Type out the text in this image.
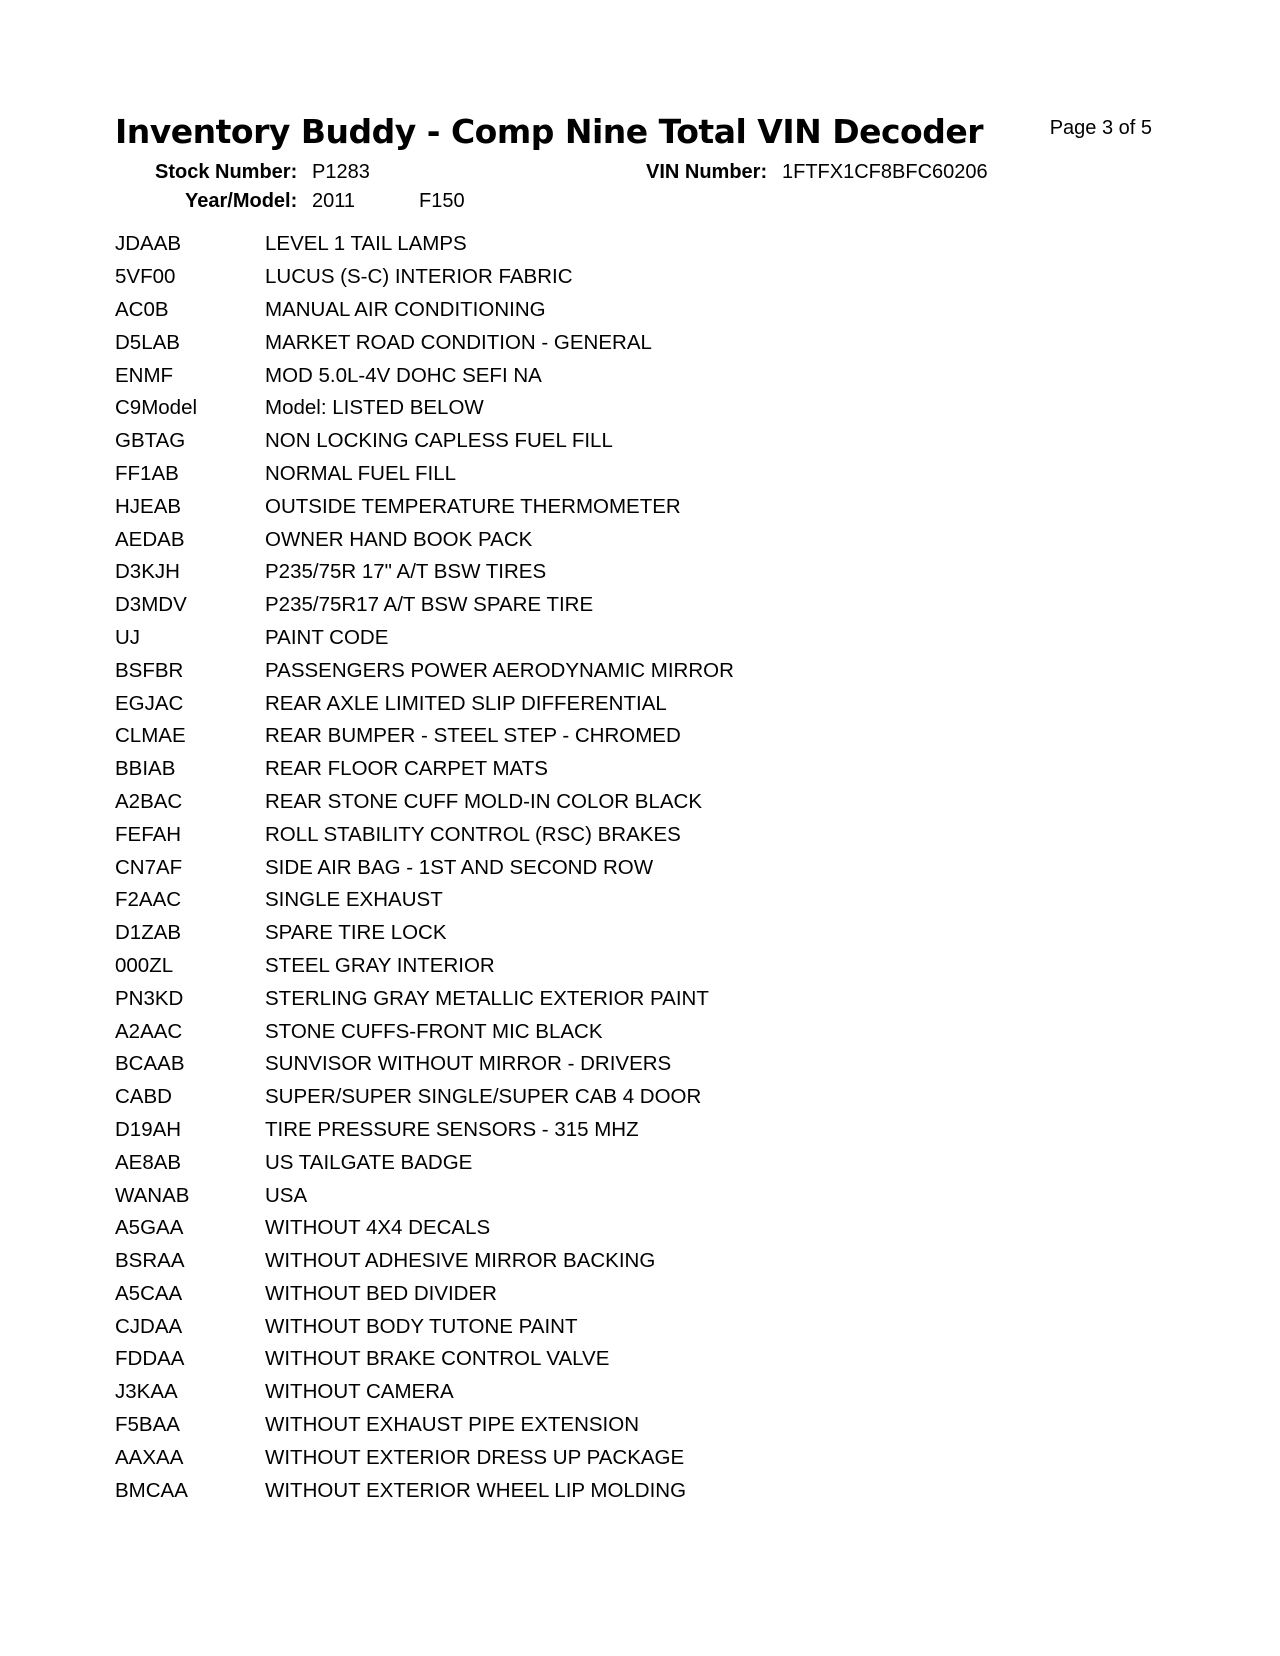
Inventory Buddy - Comp Nine Total VIN Decoder	Page 3 of 5
Stock Number: P1283	VIN Number: 1FTFX1CF8BFC60206
Year/Model: 2011	F150
JDAAB	LEVEL 1 TAIL LAMPS
5VF00	LUCUS (S-C) INTERIOR FABRIC
AC0B	MANUAL AIR CONDITIONING
D5LAB	MARKET ROAD CONDITION - GENERAL
ENMF	MOD 5.0L-4V DOHC SEFI NA
C9Model	Model: LISTED BELOW
GBTAG	NON LOCKING CAPLESS FUEL FILL
FF1AB	NORMAL FUEL FILL
HJEAB	OUTSIDE TEMPERATURE THERMOMETER
AEDAB	OWNER HAND BOOK PACK
D3KJH	P235/75R 17" A/T BSW TIRES
D3MDV	P235/75R17 A/T BSW SPARE TIRE
UJ	PAINT CODE
BSFBR	PASSENGERS POWER AERODYNAMIC MIRROR
EGJAC	REAR AXLE LIMITED SLIP DIFFERENTIAL
CLMAE	REAR BUMPER - STEEL STEP - CHROMED
BBIAB	REAR FLOOR CARPET MATS
A2BAC	REAR STONE CUFF MOLD-IN COLOR BLACK
FEFAH	ROLL STABILITY CONTROL (RSC) BRAKES
CN7AF	SIDE AIR BAG - 1ST AND SECOND ROW
F2AAC	SINGLE EXHAUST
D1ZAB	SPARE TIRE LOCK
000ZL	STEEL GRAY INTERIOR
PN3KD	STERLING GRAY METALLIC EXTERIOR PAINT
A2AAC	STONE CUFFS-FRONT MIC BLACK
BCAAB	SUNVISOR WITHOUT MIRROR - DRIVERS
CABD	SUPER/SUPER SINGLE/SUPER CAB 4 DOOR
D19AH	TIRE PRESSURE SENSORS - 315 MHZ
AE8AB	US TAILGATE BADGE
WANAB	USA
A5GAA	WITHOUT 4X4 DECALS
BSRAA	WITHOUT ADHESIVE MIRROR BACKING
A5CAA	WITHOUT BED DIVIDER
CJDAA	WITHOUT BODY TUTONE PAINT
FDDAA	WITHOUT BRAKE CONTROL VALVE
J3KAA	WITHOUT CAMERA
F5BAA	WITHOUT EXHAUST PIPE EXTENSION
AAXAA	WITHOUT EXTERIOR DRESS UP PACKAGE
BMCAA	WITHOUT EXTERIOR WHEEL LIP MOLDING
